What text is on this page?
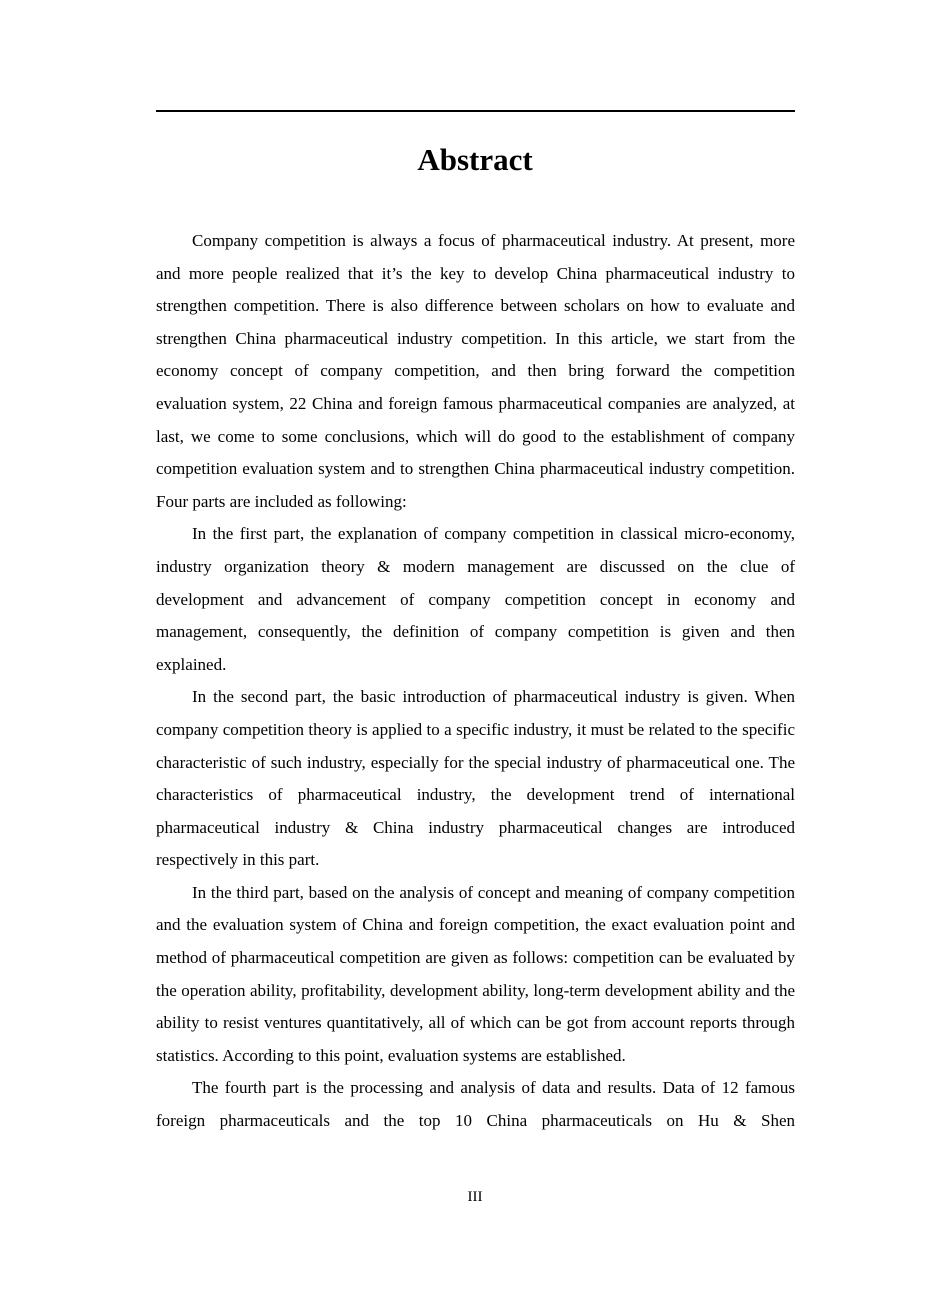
Abstract

Company competition is always a focus of pharmaceutical industry. At present, more and more people realized that it’s the key to develop China pharmaceutical industry to strengthen competition. There is also difference between scholars on how to evaluate and strengthen China pharmaceutical industry competition. In this article, we start from the economy concept of company competition, and then bring forward the competition evaluation system, 22 China and foreign famous pharmaceutical companies are analyzed, at last, we come to some conclusions, which will do good to the establishment of company competition evaluation system and to strengthen China pharmaceutical industry competition. Four parts are included as following:

In the first part, the explanation of company competition in classical micro-economy, industry organization theory & modern management are discussed on the clue of development and advancement of company competition concept in economy and management, consequently, the definition of company competition is given and then explained.

In the second part, the basic introduction of pharmaceutical industry is given. When company competition theory is applied to a specific industry, it must be related to the specific characteristic of such industry, especially for the special industry of pharmaceutical one. The characteristics of pharmaceutical industry, the development trend of international pharmaceutical industry & China industry pharmaceutical changes are introduced respectively in this part.

In the third part, based on the analysis of concept and meaning of company competition and the evaluation system of China and foreign competition, the exact evaluation point and method of pharmaceutical competition are given as follows: competition can be evaluated by the operation ability, profitability, development ability, long-term development ability and the ability to resist ventures quantitatively, all of which can be got from account reports through statistics. According to this point, evaluation systems are established.

The fourth part is the processing and analysis of data and results. Data of 12 famous foreign pharmaceuticals and the top 10 China pharmaceuticals on Hu & Shen

III
